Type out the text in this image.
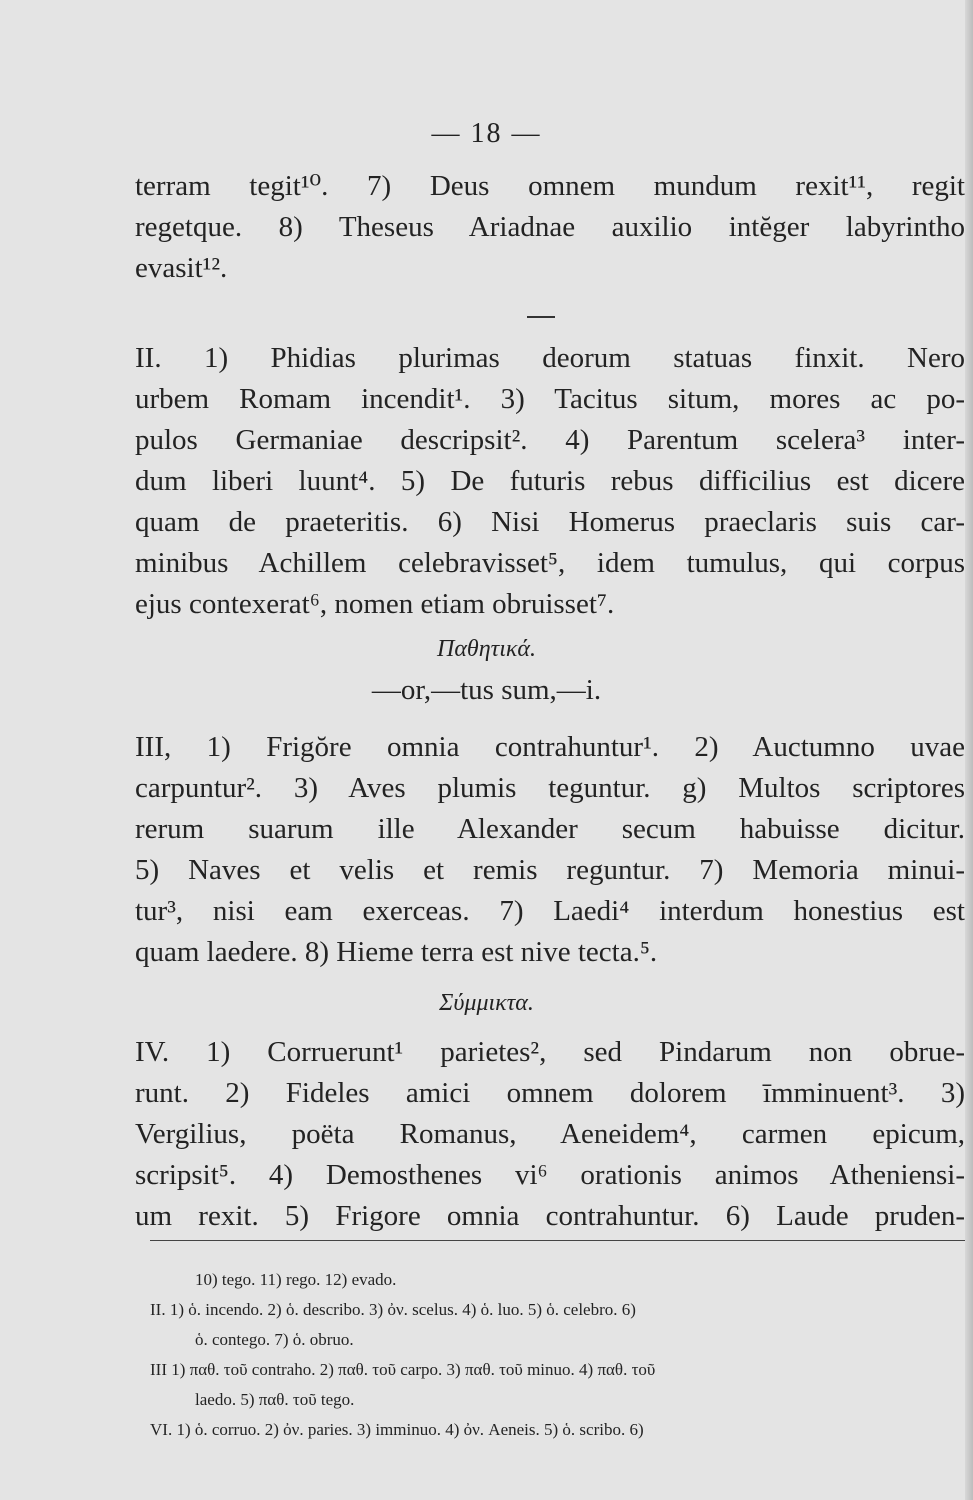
— 18 —
terram tegit¹⁰. 7) Deus omnem mundum rexit¹¹, regit
regetque. 8) Theseus Ariadnae auxilio intĕger labyrintho
evasit¹².
II. 1) Phidias plurimas deorum statuas finxit. Nero
urbem Romam incendit¹. 3) Tacitus situm, mores ac po-
pulos Germaniae descripsit². 4) Parentum scelera³ inter-
dum liberi luunt⁴. 5) De futuris rebus difficilius est dicere
quam de praeteritis. 6) Nisi Homerus praeclaris suis car-
minibus Achillem celebravisset⁵, idem tumulus, qui corpus
ejus contexerat⁶, nomen etiam obruisset⁷.
Παθητικά.
—or,—tus sum,—i.
III, 1) Frigŏre omnia contrahuntur¹. 2) Auctumno uvae
carpuntur². 3) Aves plumis teguntur. g) Multos scriptores
rerum suarum ille Alexander secum habuisse dicitur.
5) Naves et velis et remis reguntur. 7) Memoria minui-
tur³, nisi eam exerceas. 7) Laedi⁴ interdum honestius est
quam laedere. 8) Hieme terra est nive tecta.⁵.
Σύμμικτα.
IV. 1) Corruerunt¹ parietes², sed Pindarum non obrue-
runt. 2) Fideles amici omnem dolorem īmminuent³. 3)
Vergilius, poëta Romanus, Aeneidem⁴, carmen epicum,
scripsit⁵. 4) Demosthenes vi⁶ orationis animos Atheniensi-
um rexit. 5) Frigore omnia contrahuntur. 6) Laude pruden-
10) tego. 11) rego. 12) evado.
II. 1) ὁ. incendo. 2) ὁ. describo. 3) ὀν. scelus. 4) ὁ. luo. 5) ὁ. celebro. 6)
ὁ. contego. 7) ὁ. obruo.
III 1) παθ. τοῦ contraho. 2) παθ. τοῦ carpo. 3) παθ. τοῦ minuo. 4) παθ. τοῦ
laedo. 5) παθ. τοῦ tego.
VI. 1) ὁ. corruo. 2) ὀν. paries. 3) imminuo. 4) ὀν. Aeneis. 5) ὁ. scribo. 6)
